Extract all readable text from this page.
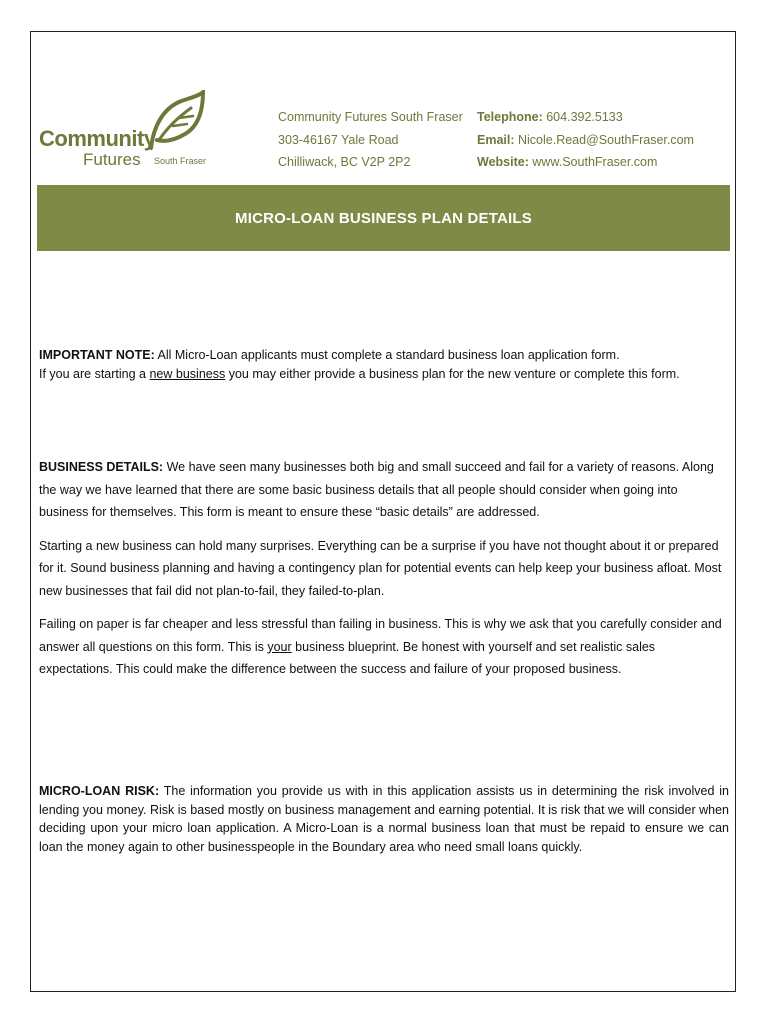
Community
Futures South Fraser
Community Futures South Fraser
303-46167 Yale Road
Chilliwack, BC V2P 2P2
Telephone: 604.392.5133
Email: Nicole.Read@SouthFraser.com
Website: www.SouthFraser.com
MICRO-LOAN BUSINESS PLAN DETAILS

IMPORTANT NOTE: All Micro-Loan applicants must complete a standard business loan application form.

If you are starting a new business you may either provide a business plan for the new venture or complete this form.

BUSINESS DETAILS: We have seen many businesses both big and small succeed and fail for a variety of reasons. Along the way we have learned that there are some basic business details that all people should consider when going into business for themselves. This form is meant to ensure these “basic details” are addressed.

Starting a new business can hold many surprises. Everything can be a surprise if you have not thought about it or prepared for it. Sound business planning and having a contingency plan for potential events can help keep your business afloat. Most new businesses that fail did not plan-to-fail, they failed-to-plan.

Failing on paper is far cheaper and less stressful than failing in business. This is why we ask that you carefully consider and answer all questions on this form. This is your business blueprint. Be honest with yourself and set realistic sales expectations. This could make the difference between the success and failure of your proposed business.

MICRO-LOAN RISK: The information you provide us with in this application assists us in determining the risk involved in lending you money. Risk is based mostly on business management and earning potential. It is risk that we will consider when deciding upon your micro loan application. A Micro-Loan is a normal business loan that must be repaid to ensure we can loan the money again to other businesspeople in the Boundary area who need small loans quickly.
